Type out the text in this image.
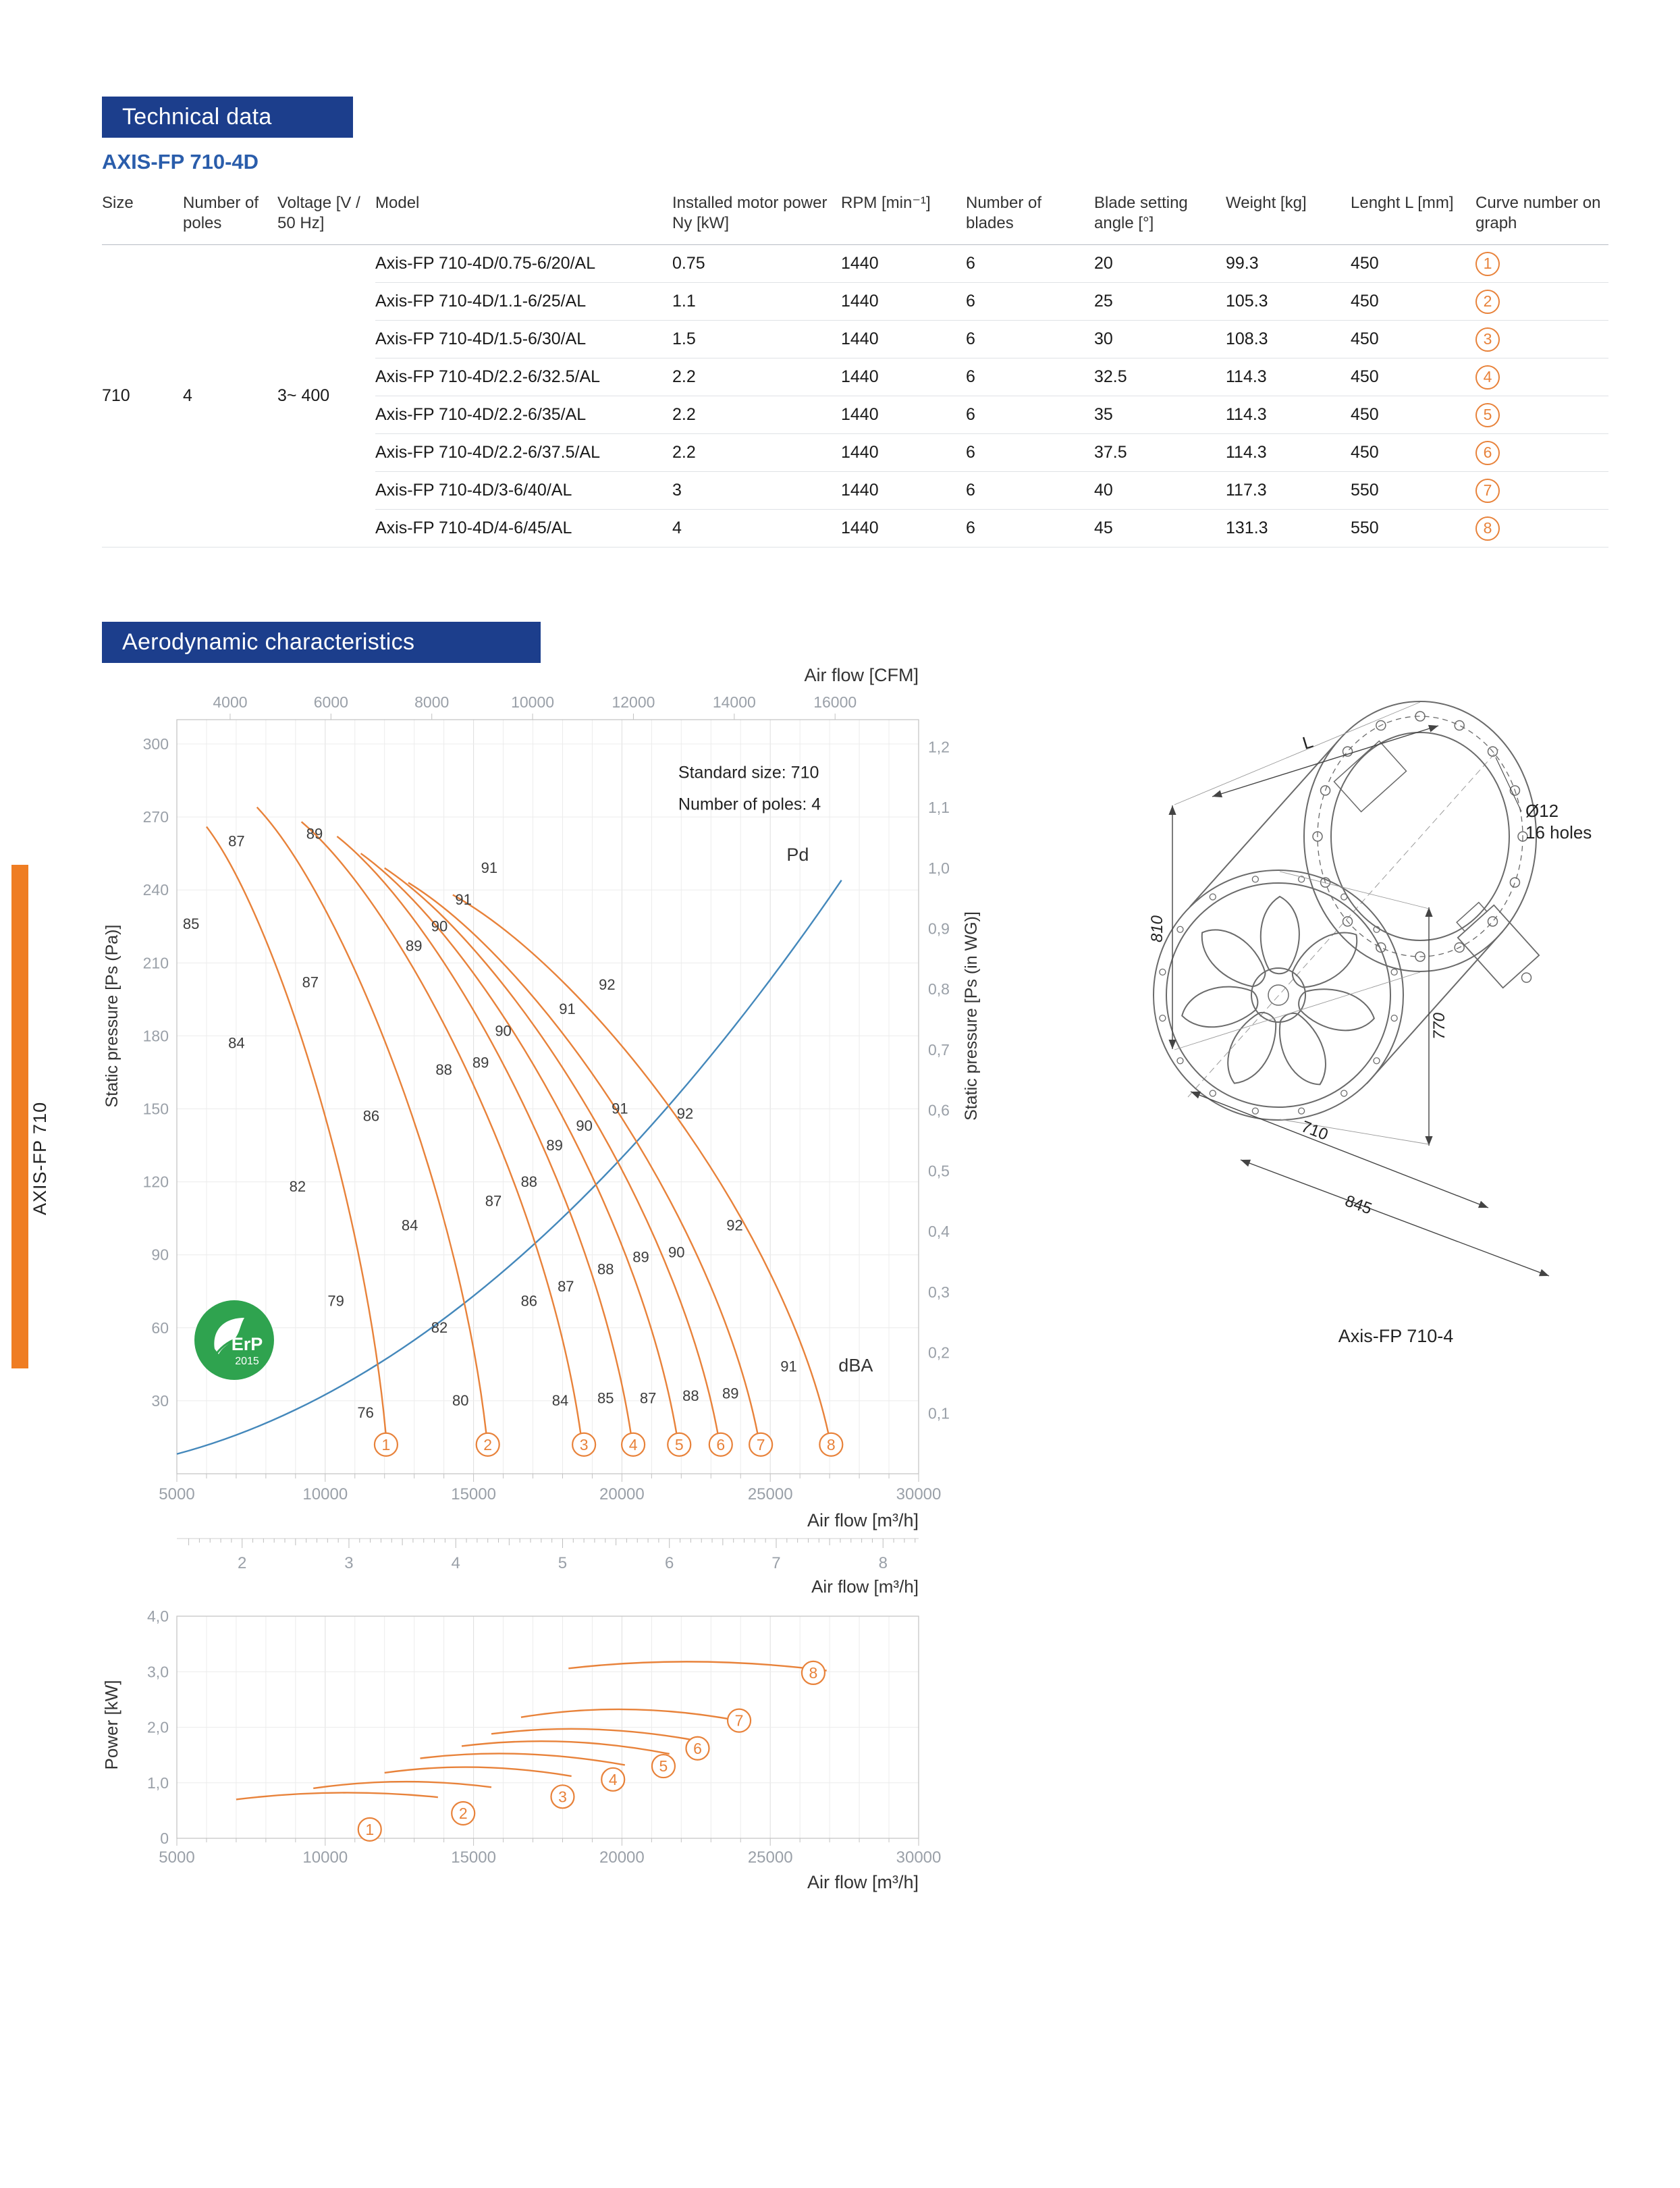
AXIS-FP 710
Technical data
AXIS-FP 710-4D
Size	Number of poles	Voltage [V / 50 Hz]	Model	Installed motor power Ny [kW]	RPM [min⁻¹]	Number of blades	Blade setting angle [°]	Weight [kg]	Lenght L [mm]	Curve number on graph
710	4	3~ 400	Axis-FP 710-4D/0.75-6/20/AL	0.75	1440	6	20	99.3	450	1
			Axis-FP 710-4D/1.1-6/25/AL	1.1	1440	6	25	105.3	450	2
			Axis-FP 710-4D/1.5-6/30/AL	1.5	1440	6	30	108.3	450	3
			Axis-FP 710-4D/2.2-6/32.5/AL	2.2	1440	6	32.5	114.3	450	4
			Axis-FP 710-4D/2.2-6/35/AL	2.2	1440	6	35	114.3	450	5
			Axis-FP 710-4D/2.2-6/37.5/AL	2.2	1440	6	37.5	114.3	450	6
			Axis-FP 710-4D/3-6/40/AL	3	1440	6	40	117.3	550	7
			Axis-FP 710-4D/4-6/45/AL	4	1440	6	45	131.3	550	8
Aerodynamic characteristics
4000	6000	8000	10000	12000	14000	16000
Air flow [CFM]
5000	10000	15000	20000	25000	30000
Air flow [m³/h]
30
60
90
120
150
180
210
240
270
300
Static pressure [Ps (Pa)]
0,1
0,2
0,3
0,4
0,5
0,6
0,7
0,8
0,9
1,0
1,1
1,2
Static pressure [Ps (in WG)]
87
85
89
91
91
90
89
87	92
91
84
90
89
88
86	91	92
90
89
82	88
87
84	92
90
89
88
87
79	86
82
91
76
80	84 85 87 88 89
1	2	3	4 5 6 7	8
Standard size: 710
Number of poles: 4
Pd
dBA
ErP
2015
2	3	4	5	6	7	8
Air flow [m³/h]
0
1,0
2,0
3,0
4,0
Power [kW]
5000	10000	15000	20000	25000	30000
Air flow [m³/h]
1
2
3
4
5
6
7
8
L
Ø12
16 holes
810
770
710
845
Axis-FP 710-4
